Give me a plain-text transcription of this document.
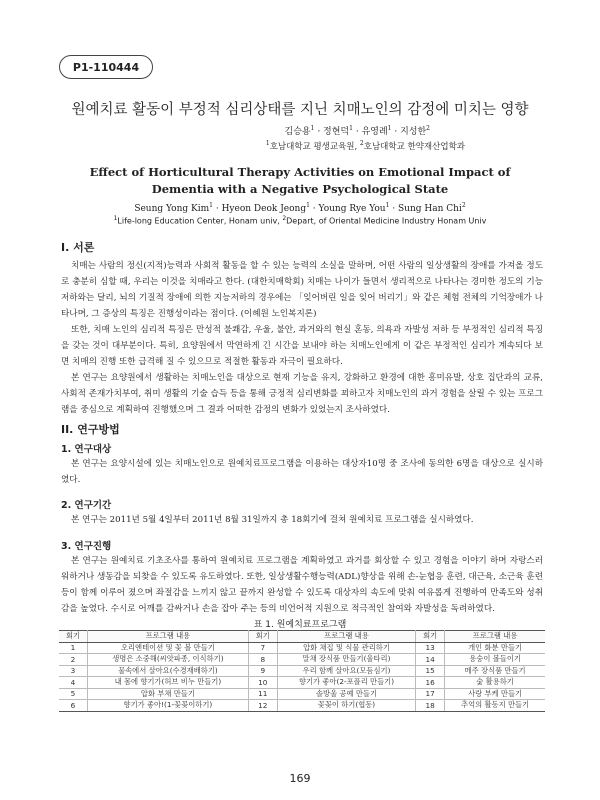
P1-110444
원예치료 활동이 부정적 심리상태를 지닌 치매노인의 감정에 미치는 영향
김승용$^1$ · 정현덕$^1$ · 유영례$^1$ · 지성한$^2$
$^1$호남대학교 평생교육원, $^2$호남대학교 한약재산업학과
Effect of Horticultural Therapy Activities on Emotional Impact of
Dementia with a Negative Psychological State
Seung Yong Kim$^1$ · Hyeon Deok Jeong$^1$ · Young Rye You$^1$ · Sung Han Chi$^2$
$^1$Life-long Education Center, Honam univ, $^2$Depart, of Oriental Medicine Industry Honam Univ
I. 서론
치매는 사람의 정신(지적)능력과 사회적 활동을 할 수 있는 능력의 소실을 말하며, 어떤 사람의 일상생활의 장애를 가져올 정도로 충분히 심할 때, 우리는 이것을 치매라고 한다. (대한치매학회) 치매는 나이가 들면서 생리적으로 나타나는 경미한 정도의 기능저하와는 달리, 뇌의 기질적 장애에 의한 지능저하의 경우에는 「잊어버린 일을 잊어 버리기」와 같은 체험 전체의 기억장애가 나타나며, 그 증상의 특징은 진행성이라는 점이다. (이혜원 노인복지론)
또한, 치매 노인의 심리적 특징은 만성적 불쾌감, 우울, 불안, 과거와의 현실 혼동, 의욕과 자발성 저하 등 부정적인 심리적 특징을 갖는 것이 대부분이다. 특히, 요양원에서 막연하게 긴 시간을 보내야 하는 치매노인에게 이 같은 부정적인 심리가 계속되다 보면 치매의 진행 또한 급격해 질 수 있으므로 적절한 활동과 자극이 필요하다.
본 연구는 요양원에서 생활하는 치매노인을 대상으로 현재 기능을 유지, 강화하고 환경에 대한 흥미유발, 상호 집단과의 교류, 사회적 존재가치부여, 취미 생활의 기술 습득 등을 통해 긍정적 심리변화를 꾀하고자 치매노인의 과거 경험을 살릴 수 있는 프로그램을 중심으로 계획하여 진행했으며 그 결과 어떠한 감정의 변화가 있었는지 조사하였다.
II. 연구방법
1. 연구대상
본 연구는 요양시설에 있는 치매노인으로 원예치료프로그램을 이용하는 대상자10명 중 조사에 동의한 6명을 대상으로 실시하였다.
2. 연구기간
본 연구는 2011년 5월 4일부터 2011년 8월 31일까지 총 18회기에 걸쳐 원예치료 프로그램을 실시하였다.
3. 연구진행
본 연구는 원예치료 기초조사를 통하여 원예치료 프로그램을 계획하였고 과거를 회상할 수 있고 경험을 이야기 하며 자랑스러워하거나 생동감을 되찾을 수 있도록 유도하였다. 또한, 일상생활수행능력(ADL)향상을 위해 손-눈협응 훈련, 대근육, 소근육 훈련 등이 함께 이루어 졌으며 좌절감을 느끼지 않고 끝까지 완성할 수 있도록 대상자의 속도에 맞춰 여유롭게 진행하여 만족도와 성취감을 높였다. 수시로 어깨를 감싸거나 손을 잡아 주는 등의 비언어적 지원으로 적극적인 참여와 자발성을 독려하였다.
표 1. 원예치료프로그램
회기	프로그램 내용	회기	프로그램 내용	회기	프로그램 내용
1	오리엔테이션 및 꽃 볼 만들기	7	압화 채집 및 식물 관리하기	13	개인 화분 만들기
2	생명은 소중해(씨앗파종, 이식하기)	8	말채 장식품 만들기(울타리)	14	용숭이 볼들이기
3	물속에서 살아요(수경재배하기)	9	우리 함께 살아요(모듬심기)	15	메주 장식품 만들기
4	내 몸에 향기가(허브 비누 만들기)	10	향기가 좋아(2-포플리 만들기)	16	숯 활용하기
5	압화 부채 만들기	11	솔방울 공예 만들기	17	사랑 부케 만들기
6	향기가 좋아!(1-꽃꽂이하기)	12	꽃꽂이 하기(협동)	18	추억의 활동지 만들기
169
